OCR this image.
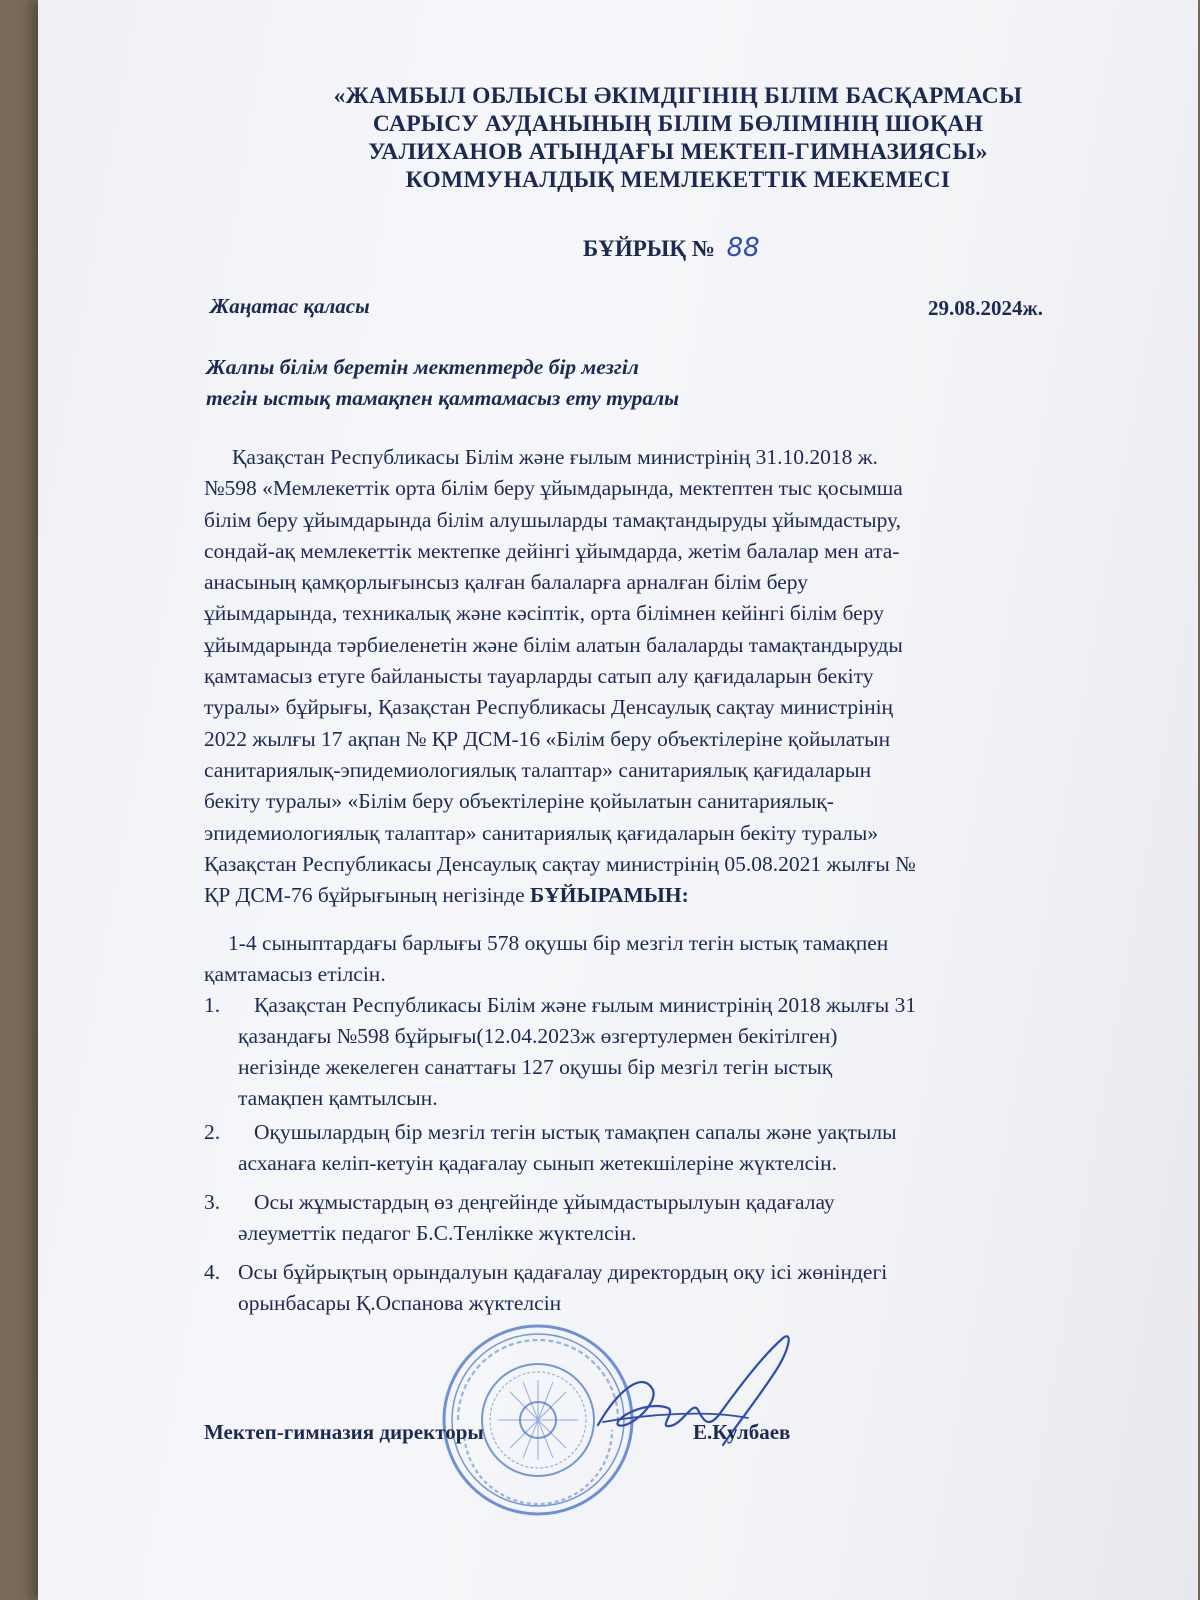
«ЖАМБЫЛ ОБЛЫСЫ ӘКІМДІГІНІҢ БІЛІМ БАСҚАРМАСЫ
САРЫСУ АУДАНЫНЫҢ БІЛІМ БӨЛІМІНІҢ ШОҚАН
УАЛИХАНОВ АТЫНДАҒЫ МЕКТЕП-ГИМНАЗИЯСЫ»
КОММУНАЛДЫҚ МЕМЛЕКЕТТІК МЕКЕМЕСІ
БҰЙРЫҚ № 88
Жаңатас қаласы	29.08.2024ж.
Жалпы білім беретін мектептерде бір мезгіл
тегін ыстық тамақпен қамтамасыз ету туралы
Қазақстан Республикасы Білім және ғылым министрінің 31.10.2018 ж.
№598 «Мемлекеттік орта білім беру ұйымдарында, мектептен тыс қосымша
білім беру ұйымдарында білім алушыларды тамақтандыруды ұйымдастыру,
сондай-ақ мемлекеттік мектепке дейінгі ұйымдарда, жетім балалар мен ата-
анасының қамқорлығынсыз қалған балаларға арналған білім беру
ұйымдарында, техникалық және кәсіптік, орта білімнен кейінгі білім беру
ұйымдарында тәрбиеленетін және білім алатын балаларды тамақтандыруды
қамтамасыз етуге байланысты тауарларды сатып алу қағидаларын бекіту
туралы» бұйрығы, Қазақстан Республикасы Денсаулық сақтау министрінің
2022 жылғы 17 ақпан № ҚР ДСМ-16 «Білім беру объектілеріне қойылатын
санитариялық-эпидемиологиялық талаптар» санитариялық қағидаларын
бекіту туралы» «Білім беру объектілеріне қойылатын санитариялық-
эпидемиологиялық талаптар» санитариялық қағидаларын бекіту туралы»
Қазақстан Республикасы Денсаулық сақтау министрінің 05.08.2021 жылғы №
ҚР ДСМ-76 бұйрығының негізінде БҰЙЫРАМЫН:
1-4 сыныптардағы барлығы 578 оқушы бір мезгіл тегін ыстық тамақпен
қамтамасыз етілсін.
1.	Қазақстан Республикасы Білім және ғылым министрінің 2018 жылғы 31
қазандағы №598 бұйрығы(12.04.2023ж өзгертулермен бекітілген)
негізінде жекелеген санаттағы 127 оқушы бір мезгіл тегін ыстық
тамақпен қамтылсын.
2.	Оқушылардың бір мезгіл тегін ыстық тамақпен сапалы және уақтылы
асханаға келіп-кетуін қадағалау сынып жетекшілеріне жүктелсін.
3.	Осы жұмыстардың өз деңгейінде ұйымдастырылуын қадағалау
әлеуметтік педагог Б.С.Тенлікке жүктелсін.
4. Осы бұйрықтың орындалуын қадағалау директордың оқу ісі жөніндегі
орынбасары Қ.Оспанова жүктелсін
Мектеп-гимназия директоры	Е.Кулбаев
